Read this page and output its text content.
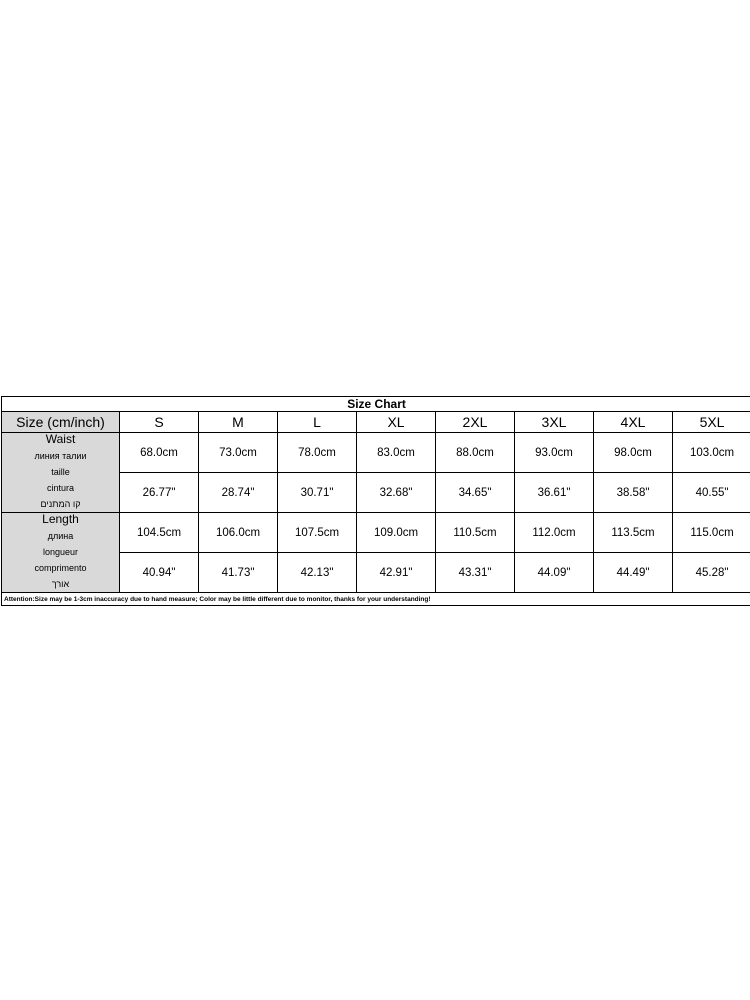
Size Chart								
Size (cm/inch)	S	M	L	XL	2XL	3XL	4XL	5XL

Waist
линия талии
taille
cintura
קו המתנים	68.0cm	73.0cm	78.0cm	83.0cm	88.0cm	93.0cm	98.0cm	103.0cm
	26.77"	28.74"	30.71"	32.68"	34.65"	36.61"	38.58"	40.55"

Length
длина
longueur
comprimento
אורך	104.5cm	106.0cm	107.5cm	109.0cm	110.5cm	112.0cm	113.5cm	115.0cm
	40.94"	41.73"	42.13"	42.91"	43.31"	44.09"	44.49"	45.28"
Attention:Size may be 1-3cm inaccuracy due to hand measure; Color may be little different due to monitor, thanks for your understanding!								
